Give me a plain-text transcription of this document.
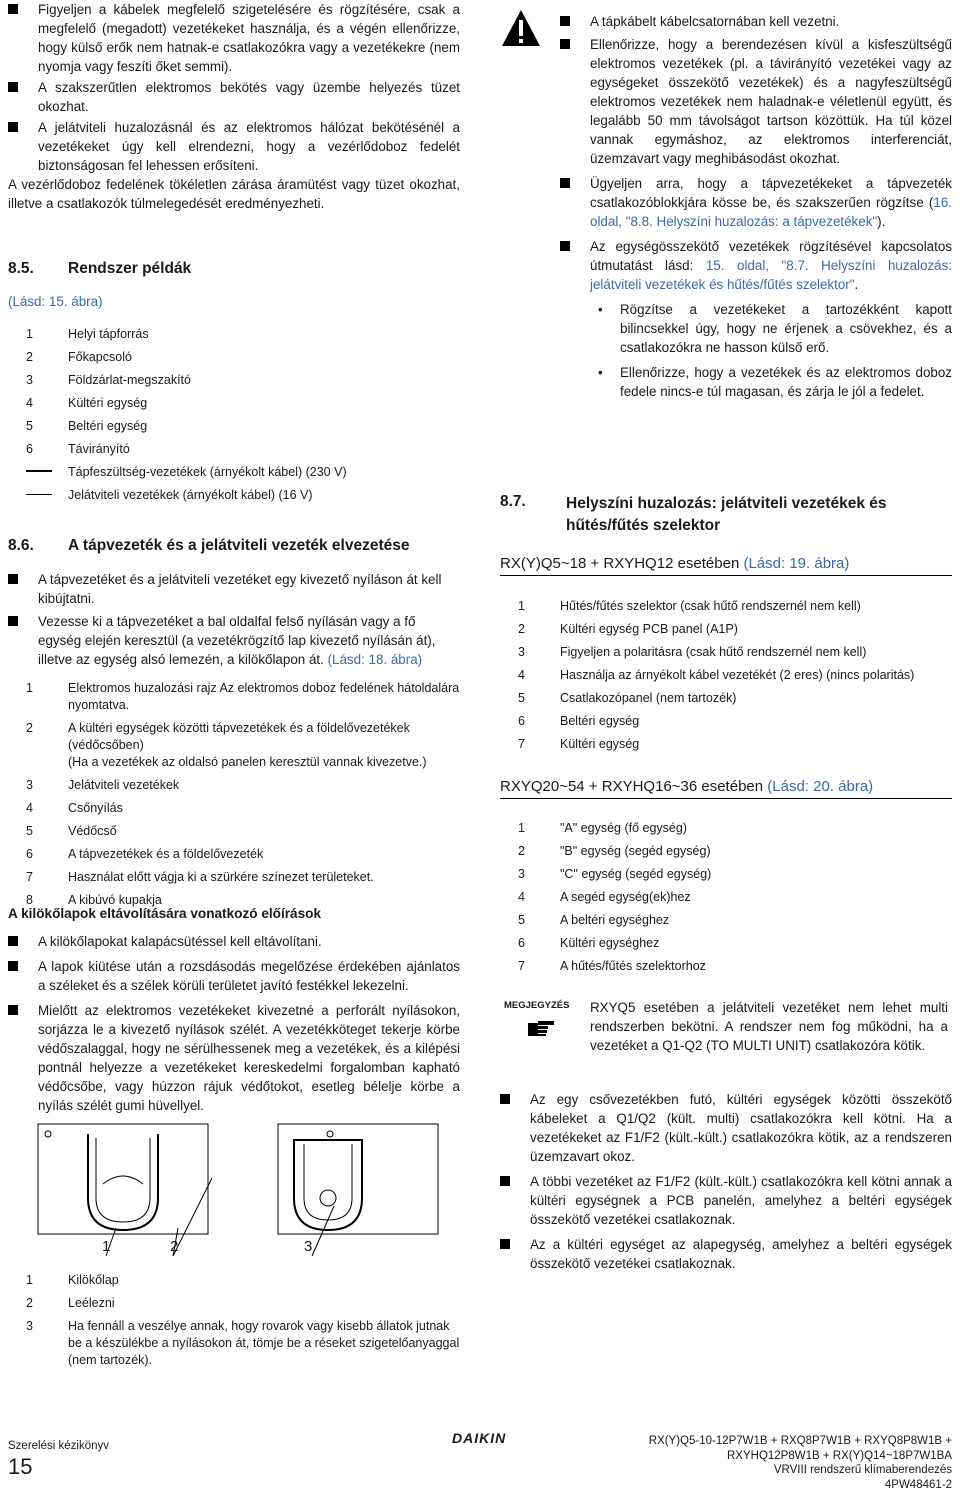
Figyeljen a kábelek megfelelő szigetelésére és rögzítésére, csak a megfelelő (megadott) vezetékeket használja, és a végén ellenőrizze, hogy külső erők nem hatnak-e csatlakozókra vagy a vezetékekre (nem nyomja vagy feszíti őket semmi).

A szakszerűtlen elektromos bekötés vagy üzembe helyezés tüzet okozhat.

A jelátviteli huzalozásnál és az elektromos hálózat bekötésénél a vezetékeket úgy kell elrendezni, hogy a vezérlődoboz fedelét biztonságosan fel lehessen erősíteni.

A vezérlődoboz fedelének tökéletlen zárása áramütést vagy tüzet okozhat, illetve a csatlakozók túlmelegedését eredményezheti.

8.5. Rendszer példák
(Lásd: 15. ábra)
1	Helyi tápforrás
2	Főkapcsoló
3	Földzárlat-megszakító
4	Kültéri egység
5	Beltéri egység
6	Távirányító
Tápfeszültség-vezetékek (árnyékolt kábel) (230 V)
Jelátviteli vezetékek (árnyékolt kábel) (16 V)
8.6. A tápvezeték és a jelátviteli vezeték elvezetése

A tápvezetéket és a jelátviteli vezetéket egy kivezető nyíláson át kell kibújtatni.

Vezesse ki a tápvezetéket a bal oldalfal felső nyílásán vagy a fő egység elején keresztül (a vezetékrögzítő lap kivezető nyílásán át), illetve az egység alsó lemezén, a kilökőlapon át. (Lásd: 18. ábra)

1	Elektromos huzalozási rajz Az elektromos doboz fedelének hátoldalára nyomtatva.
2	A kültéri egységek közötti tápvezetékek és a földelővezetékek (védőcsőben)
(Ha a vezetékek az oldalsó panelen keresztül vannak kivezetve.)
3	Jelátviteli vezetékek
4	Csőnyílás
5	Védőcső
6	A tápvezetékek és a földelővezeték
7	Használat előtt vágja ki a szürkére színezet területeket.
8	A kibúvó kupakja
A kilökőlapok eltávolítására vonatkozó előírások

A kilökőlapokat kalapácsütéssel kell eltávolítani.

A lapok kiütése után a rozsdásodás megelőzése érdekében ajánlatos a széleket és a szélek körüli területet javító festékkel lekezelni.

Mielőtt az elektromos vezetékeket kivezetné a perforált nyílásokon, sorjázza le a kivezető nyílások szélét. A vezetékköteget tekerje körbe védőszalaggal, hogy ne sérülhessenek meg a vezetékek, és a kilépési pontnál helyezze a vezetékeket kereskedelmi forgalomban kapható védőcsőbe, vagy húzzon rájuk védőtokot, esetleg bélelje körbe a nyílás szélét gumi hüvellyel.

1	2	3
1	Kilökőlap
2	Leélezni
3	Ha fennáll a veszélye annak, hogy rovarok vagy kisebb állatok jutnak be a készülékbe a nyílásokon át, tömje be a réseket szigetelőanyaggal (nem tartozék).

A tápkábelt kábelcsatornában kell vezetni.

Ellenőrizze, hogy a berendezésen kívül a kisfeszültségű elektromos vezetékek (pl. a távirányító vezetékei vagy az egységeket összekötő vezetékek) és a nagyfeszültségű elektromos vezetékek nem haladnak-e véletlenül együtt, és legalább 50 mm távolságot tartson közöttük. Ha túl közel vannak egymáshoz, az elektromos interferenciát, üzemzavart vagy meghibásodást okozhat.

Ügyeljen arra, hogy a tápvezetékeket a tápvezeték csatlakozóblokkjára kösse be, és szakszerűen rögzítse (16. oldal, "8.8. Helyszíni huzalozás: a tápvezetékek").

Az egységösszekötő vezetékek rögzítésével kapcsolatos útmutatást lásd: 15. oldal, "8.7. Helyszíni huzalozás: jelátviteli vezetékek és hűtés/fűtés szelektor".

• Rögzítse a vezetékeket a tartozékként kapott bilincsekkel úgy, hogy ne érjenek a csövekhez, és a csatlakozókra ne hasson külső erő.

• Ellenőrizze, hogy a vezetékek és az elektromos doboz fedele nincs-e túl magasan, és zárja le jól a fedelet.

8.7.	Helyszíni huzalozás: jelátviteli vezetékek és hűtés/fűtés szelektor
RX(Y)Q5~18 + RXYHQ12 esetében (Lásd: 19. ábra)
1	Hűtés/fűtés szelektor (csak hűtő rendszernél nem kell)
2	Kültéri egység PCB panel (A1P)
3	Figyeljen a polaritásra (csak hűtő rendszernél nem kell)
4	Használja az árnyékolt kábel vezetékét (2 eres) (nincs polaritás)
5	Csatlakozópanel (nem tartozék)
6	Beltéri egység
7	Kültéri egység
RXYQ20~54 + RXYHQ16~36 esetében (Lásd: 20. ábra)
1	"A" egység (fő egység)
2	"B" egység (segéd egység)
3	"C" egység (segéd egység)
4	A segéd egység(ek)hez
5	A beltéri egységhez
6	Kültéri egységhez
7	A hűtés/fűtés szelektorhoz
MEGJEGYZÉS RXYQ5 esetében a jelátviteli vezetéket nem lehet multi rendszerben bekötni. A rendszer nem fog működni, ha a vezetéket a Q1-Q2 (TO MULTI UNIT) csatlakozóra kötik.

Az egy csővezetékben futó, kültéri egységek közötti összekötő kábeleket a Q1/Q2 (kült. multi) csatlakozókra kell kötni. Ha a vezetékeket az F1/F2 (kült.-kült.) csatlakozókra kötik, az a rendszeren üzemzavart okoz.

A többi vezetéket az F1/F2 (kült.-kült.) csatlakozókra kell kötni annak a kültéri egységnek a PCB panelén, amelyhez a beltéri egységek összekötő vezetékei csatlakoznak.

Az a kültéri egységet az alapegység, amelyhez a beltéri egységek összekötő vezetékei csatlakoznak.

Szerelési kézikönyv
15
DAIKIN	RX(Y)Q5-10-12P7W1B + RXQ8P7W1B + RXYQ8P8W1B +
RXYHQ12P8W1B + RX(Y)Q14~18P7W1BA
VRVIII rendszerű klímaberendezés
4PW48461-2
